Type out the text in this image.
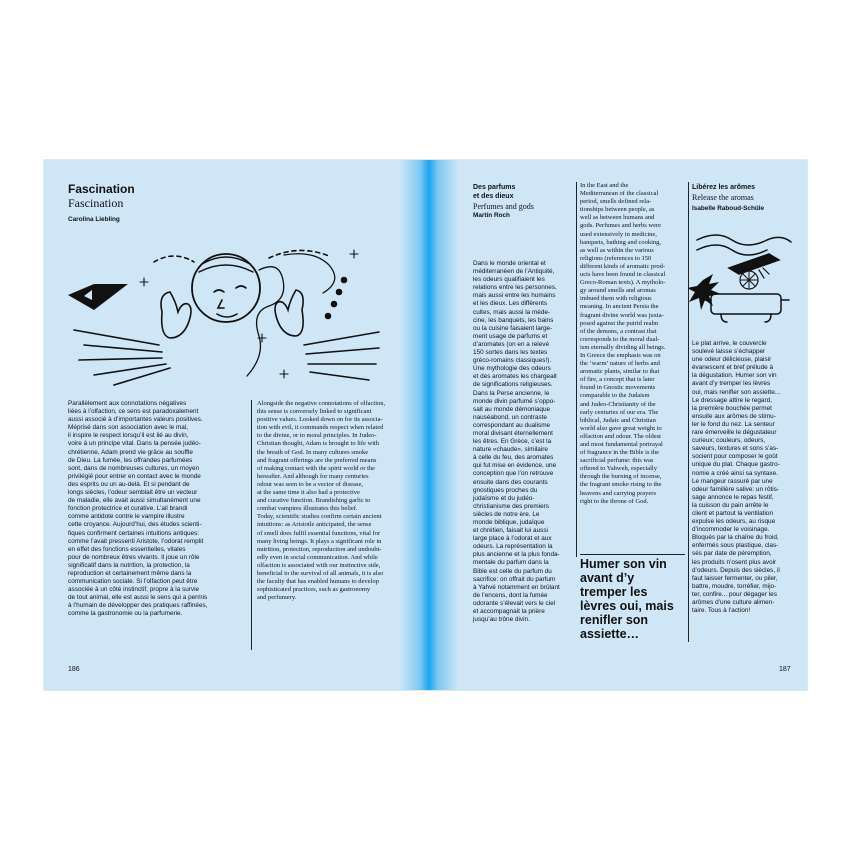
Fascination
Fascination
Carolina Liebling
Parallèlement aux connotations négatives
liées à l’olfaction, ce sens est paradoxalement
aussi associé à d’importantes valeurs positives.
Méprisé dans son association avec le mal,
il inspire le respect lorsqu’il est lié au divin,
voire à un principe vital. Dans la pensée judéo-
chrétienne, Adam prend vie grâce au souffle
de Dieu. La fumée, les offrandes parfumées
sont, dans de nombreuses cultures, un moyen
privilégié pour entrer en contact avec le monde
des esprits ou un au-delà. Et si pendant de
longs siècles, l’odeur semblait être un vecteur
de maladie, elle avait aussi simultanément une
fonction protectrice et curative. L’ail brandi
comme antidote contre le vampire illustre
cette croyance. Aujourd’hui, des études scienti-
fiques confirment certaines intuitions antiques:
comme l’avait pressenti Aristote, l’odorat remplit
en effet des fonctions essentielles, vitales
pour de nombreux êtres vivants. Il joue un rôle
significatif dans la nutrition, la protection, la
reproduction et certainement même dans la
communication sociale. Si l’olfaction peut être
associée à un côté instinctif, propre à la survie
de tout animal, elle est aussi le sens qui a permis
à l’humain de développer des pratiques raffinées,
comme la gastronomie ou la parfumerie.
Alongside the negative connotations of olfaction,
this sense is conversely linked to significant
positive values. Looked down on for its associa-
tion with evil, it commands respect when related
to the divine, or to moral principles. In Judeo-
Christian thought, Adam is brought to life with
the breath of God. In many cultures smoke
and fragrant offerings are the preferred means
of making contact with the spirit world or the
hereafter. And although for many centuries
odour was seen to be a vector of disease,
at the same time it also had a protective
and curative function. Brandishing garlic to
combat vampires illustrates this belief.
Today, scientific studies confirm certain ancient
intuitions: as Aristotle anticipated, the sense
of smell does fulfil essential functions, vital for
many living beings. It plays a significant role in
nutrition, protection, reproduction and undoubt-
edly even in social communication. And while
olfaction is associated with our instinctive side,
beneficial to the survival of all animals, it is also
the faculty that has enabled humans to develop
sophisticated practices, such as gastronomy
and perfumery.
186
Des parfums
et des dieux
Perfumes and gods
Martin Roch
Dans le monde oriental et
méditerranéen de l’Antiquité,
les odeurs qualifiaient les
relations entre les personnes,
mais aussi entre les humains
et les dieux. Les différents
cultes, mais aussi la méde-
cine, les banquets, les bains
ou la cuisine faisaient largе-
ment usage de parfums et
d’aromates (on en a relevé
150 sortes dans les textes
gréco-romains classiques!).
Une mythologie des odeurs
et des aromates les chargeait
de significations religieuses.
Dans la Perse ancienne, le
monde divin parfumé s’oppo-
sait au monde démoniaque
nauséabond, un contraste
correspondant au dualisme
moral divisant éternellement
les êtres. En Grèce, c’est la
nature «chaude», similaire
à celle du feu, des aromates
qui fut mise en évidence, une
conception que l’on retrouve
ensuite dans des courants
gnostiques proches du
judaïsme et du judéo-
christianisme des premiers
siècles de notre ère. Le
monde biblique, judaïque
et chrétien, faisait lui aussi
large place à l’odorat et aux
odeurs. La représentation la
plus ancienne et la plus fonda-
mentale du parfum dans la
Bible est celle du parfum du
sacrifice: on offrait du parfum
à Yahvé notamment en brûlant
de l’encens, dont la fumée
odorante s’élevait vers le ciel
et accompagnait la prière
jusqu’au trône divin.
In the East and the
Mediterranean of the classical
period, smells defined rela-
tionships between people, as
well as between humans and
gods. Perfumes and herbs were
used extensively in medicine,
banquets, bathing and cooking,
as well as within the various
religions (references to 150
different kinds of aromatic prod-
ucts have been found in classical
Greco-Roman texts). A mytholo-
gy around smells and aromas
imbued them with religious
meaning. In ancient Persia the
fragrant divine world was juxta-
posed against the putrid realm
of the demons, a contrast that
corresponds to the moral dual-
ism eternally dividing all beings.
In Greece the emphasis was on
the ‘warm’ nature of herbs and
aromatic plants, similar to that
of fire, a concept that is later
found in Gnostic movements
comparable to the Judaism
and Judeo-Christianity of the
early centuries of our era. The
biblical, Judaic and Christian
world also gave great weight to
olfaction and odour. The oldest
and most fundamental portrayal
of fragrance in the Bible is the
sacrificial perfume: this was
offered to Yahweh, especially
through the burning of incense,
the fragrant smoke rising to the
heavens and carrying prayers
right to the throne of God.
Humer son vin
avant d’y
tremper les
lèvres oui, mais
renifler son
assiette…
Libérez les arômes
Release the aromas
Isabelle Raboud-Schüle
Le plat arrive, le couvercle
soulevé laisse s’échapper
une odeur délicieuse, plaisir
évanescent et bref prélude à
la dégustation. Humer son vin
avant d’y tremper les lèvres
oui, mais renifler son assiette...
Le dressage attire le regard,
la première bouchée permet
ensuite aux arômes de stimu-
ler le fond du nez. La senteur
rare émerveille le dégustateur
curieux; couleurs, odeurs,
saveurs, textures et sons s’as-
socient pour composer le goût
unique du plat. Chaque gastro-
nomie a créé ainsi sa syntaxe.
Le mangeur rassuré par une
odeur familière salive: un rôtis-
sage annonce le repas festif,
la cuisson du pain arrête le
client et partout la ventilation
expulse les odeurs, au risque
d’incommoder le voisinage.
Bloqués par la chaîne du froid,
enfermés sous plastique, clas-
sés par date de péremption,
les produits n’osent plus avoir
d’odeurs. Depuis des siècles, il
faut laisser fermenter, ou piler,
battre, moudre, torréfier, mijo-
ter, confire... pour dégager les
arômes d’une culture alimen-
taire. Tous à l’action!
187
